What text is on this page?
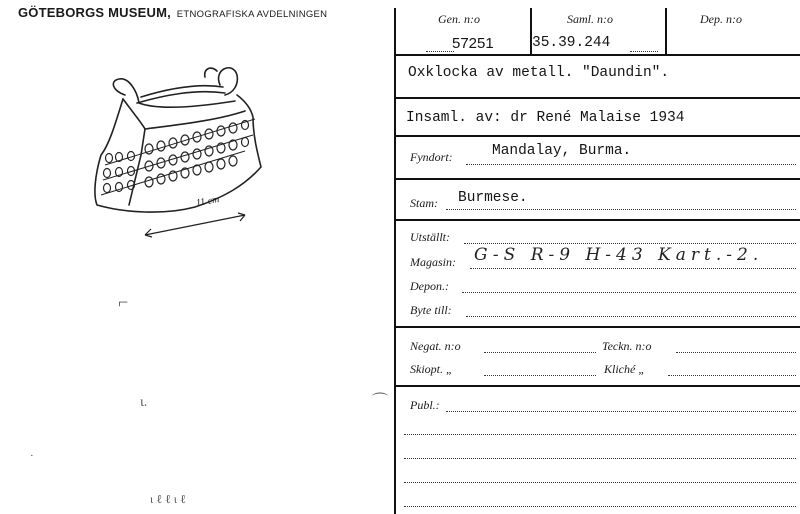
GÖTEBORGS MUSEUM, ETNOGRAFISKA AVDELNINGEN
11 cm
⌐
ɩ.
·
⌒
ι ℓ ℓ ι ℓ
Gen. n:o	Saml. n:o	Dep. n:o
57251	35.39.244
Oxklocka av metall. "Daundin".
Insaml. av: dr René Malaise 1934
Fyndort:	Mandalay, Burma.
Stam: Burmese.
Utställt:
Magasin: G-S R-9 H-43 Kart.-2.
Depon.:
Byte till:
Negat. n:o	Teckn. n:o
Skiopt. „	Kliché „
Publ.:
